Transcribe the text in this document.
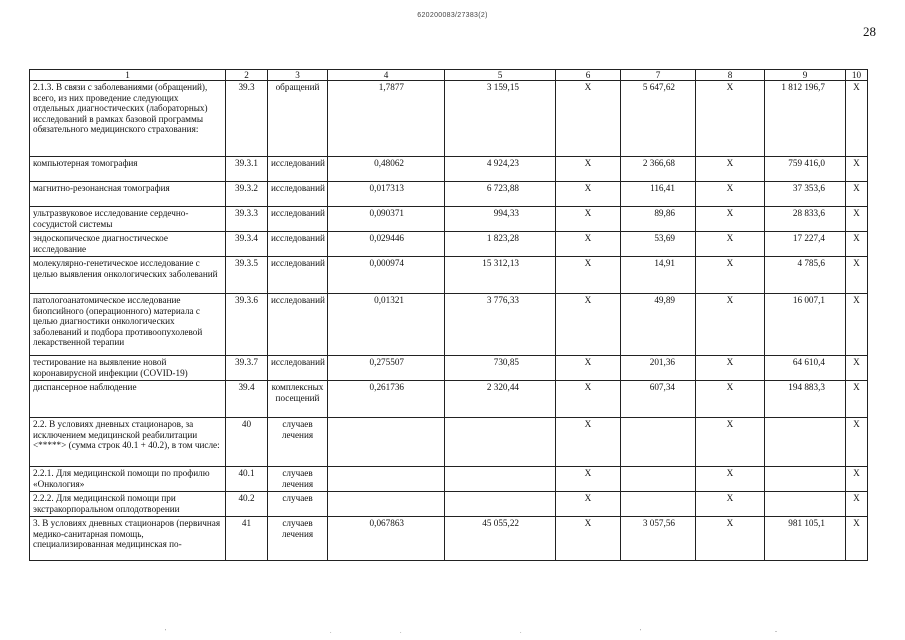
620200083/27383(2)
28
1	2	3	4	5	6	7	8	9	10
2.1.3. В связи с заболеваниями (обращений), всего, из них проведение следующих отдельных диагностических (лабораторных) исследований в рамках базовой программы обязательного медицинского страхования:	39.3	обращений	1,7877	3 159,15	X	5 647,62	X	1 812 196,7	X
компьютерная томография	39.3.1	исследований	0,48062	4 924,23	X	2 366,68	X	759 416,0	X
магнитно-резонансная томография	39.3.2	исследований	0,017313	6 723,88	X	116,41	X	37 353,6	X
ультразвуковое исследование сердечно-сосудистой системы	39.3.3	исследований	0,090371	994,33	X	89,86	X	28 833,6	X
эндоскопическое диагностическое исследование	39.3.4	исследований	0,029446	1 823,28	X	53,69	X	17 227,4	X
молекулярно-генетическое исследование с целью выявления онкологических заболеваний	39.3.5	исследований	0,000974	15 312,13	X	14,91	X	4 785,6	X
патологоанатомическое исследование биопсийного (операционного) материала с целью диагностики онкологических заболеваний и подбора противоопухолевой лекарственной терапии	39.3.6	исследований	0,01321	3 776,33	X	49,89	X	16 007,1	X
тестирование на выявление новой коронавирусной инфекции (COVID-19)	39.3.7	исследований	0,275507	730,85	X	201,36	X	64 610,4	X
диспансерное наблюдение	39.4	комплексных посещений	0,261736	2 320,44	X	607,34	X	194 883,3	X
2.2. В условиях дневных стационаров, за исключением медицинской реабилитации <*****> (сумма строк 40.1 + 40.2), в том числе:	40	случаев лечения			X		X		X
2.2.1. Для медицинской помощи по профилю «Онкология»	40.1	случаев лечения			X		X		X
2.2.2. Для медицинской помощи при экстракорпоральном оплодотворении	40.2	случаев			X		X		X
3. В условиях дневных стационаров (первичная медико-санитарная помощь, специализированная медицинская по-	41	случаев лечения	0,067863	45 055,22	X	3 057,56	X	981 105,1	X
'	.	.	.	'	-
